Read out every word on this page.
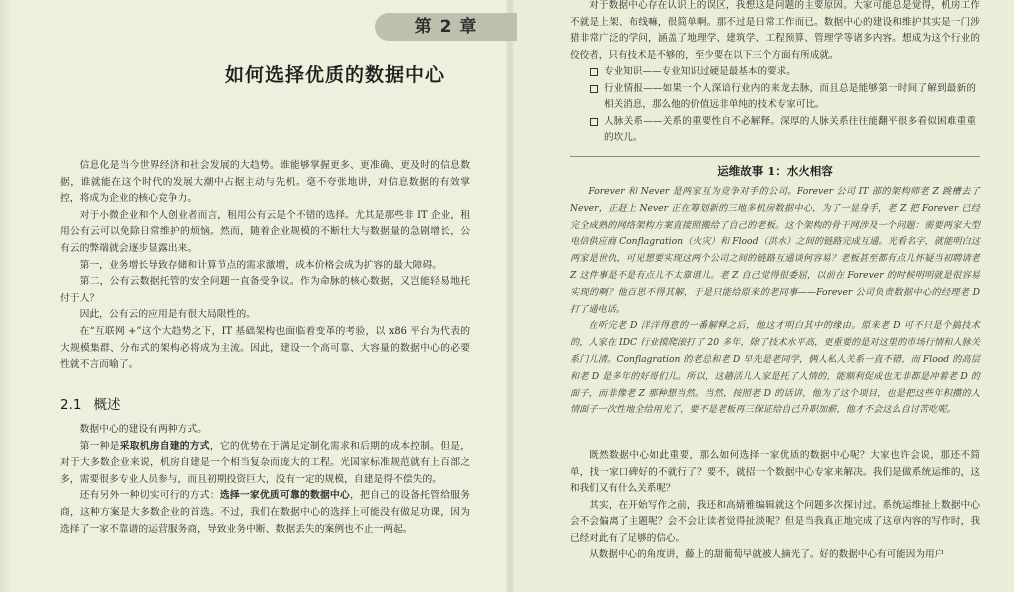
第 2 章
如何选择优质的数据中心

信息化是当今世界经济和社会发展的大趋势。谁能够掌握更多、更准确、更及时的信息数据，谁就能在这个时代的发展大潮中占据主动与先机。毫不夸张地讲，对信息数据的有效掌控，将成为企业的核心竞争力。

对于小微企业和个人创业者而言，租用公有云是个不错的选择。尤其是那些非 IT 企业，租用公有云可以免除日常维护的烦恼。然而，随着企业规模的不断壮大与数据量的急剧增长，公有云的弊端就会逐步显露出来。

第一，业务增长导致存储和计算节点的需求激增，成本价格会成为扩容的最大障碍。

第二，公有云数据托管的安全问题一直备受争议。作为命脉的核心数据，又岂能轻易地托付于人？

因此，公有云的应用是有很大局限性的。

在“互联网 +”这个大趋势之下，IT 基础架构也面临着变革的考验，以 x86 平台为代表的大规模集群、分布式的架构必将成为主流。因此，建设一个高可靠、大容量的数据中心的必要性就不言而喻了。

2.1 概述

数据中心的建设有两种方式。

第一种是采取机房自建的方式，它的优势在于满足定制化需求和后期的成本控制。但是，对于大多数企业来说，机房自建是一个相当复杂而庞大的工程。光国家标准规范就有上百部之多，需要很多专业人员参与，而且初期投资巨大，没有一定的规模，自建是得不偿失的。

还有另外一种切实可行的方式：选择一家优质可靠的数据中心，把自己的设备托管给服务商，这种方案是大多数企业的首选。不过，我们在数据中心的选择上可能没有做足功课，因为选择了一家不靠谱的运营服务商，导致业务中断、数据丢失的案例也不止一两起。

对于数据中心存在认识上的误区，我想这是问题的主要原因。大家可能总是觉得，机房工作不就是上架、布线嘛，很简单啊。那不过是日常工作而已。数据中心的建设和维护其实是一门涉猎非常广泛的学问，涵盖了地理学、建筑学、工程预算、管理学等诸多内容。想成为这个行业的佼佼者，只有技术是不够的，至少要在以下三个方面有所成就。

专业知识——专业知识过硬是最基本的要求。
行业情报——如果一个人深谙行业内的来龙去脉，而且总是能够第一时间了解到最新的相关消息，那么他的价值远非单纯的技术专家可比。
人脉关系——关系的重要性自不必解释。深厚的人脉关系往往能翻平很多看似困难重重的坎儿。
运维故事 1：水火相容

Forever 和 Never 是两家互为竞争对手的公司。Forever 公司 IT 部的架构师老 Z 跳槽去了 Never，正赶上 Never 正在筹划新的三地多机房数据中心，为了一显身手，老 Z 把 Forever 已经完全成熟的网络架构方案直接照搬给了自己的老板。这个架构的骨干网涉及一个问题：需要两家大型电信供应商 Conflagration（火灾）和 Flood（洪水）之间的链路完成互通。光看名字，就能明白这两家是世仇，可见想要实现这两个公司之间的链路互通谈何容易？老板甚至都有点儿怀疑当初聘请老 Z 这件事是不是有点儿不太靠谱儿。老 Z 自己觉得很委屈，以前在 Forever 的时候明明就是很容易实现的啊？他百思不得其解，于是只能给原来的老同事——Forever 公司负责数据中心的经理老 D 打了通电话。

在听完老 D 洋洋得意的一番解释之后，他这才明白其中的缘由。原来老 D 可不只是个搞技术的，人家在 IDC 行业摸爬滚打了 20 多年，除了技术水平高，更重要的是对这里的市场行情和人脉关系门儿清。Conflagration 的老总和老 D 早先是老同学，俩人私人关系一直不错，而 Flood 的高层和老 D 是多年的好哥们儿。所以，这趟活儿人家是托了人情的，能顺利促成也无非都是冲着老 D 的面子，而非像老 Z 那种想当然。当然，按照老 D 的话讲，他为了这个项目，也是把这些年积攒的人情面子一次性地全给用光了，要不是老板再三保证给自己升职加薪，他才不会这么自讨苦吃呢。

既然数据中心如此重要，那么如何选择一家优质的数据中心呢？大家也许会说，那还不简单，找一家口碑好的不就行了？要不，就招一个数据中心专家来解决。我们是做系统运维的，这和我们又有什么关系呢？

其实，在开始写作之前，我还和高婧雅编辑就这个问题多次探讨过。系统运维扯上数据中心会不会偏离了主题呢？会不会让读者觉得扯淡呢？但是当我真正地完成了这章内容的写作时，我已经对此有了足够的信心。

从数据中心的角度讲，藤上的甜葡萄早就被人摘光了。好的数据中心有可能因为用户
